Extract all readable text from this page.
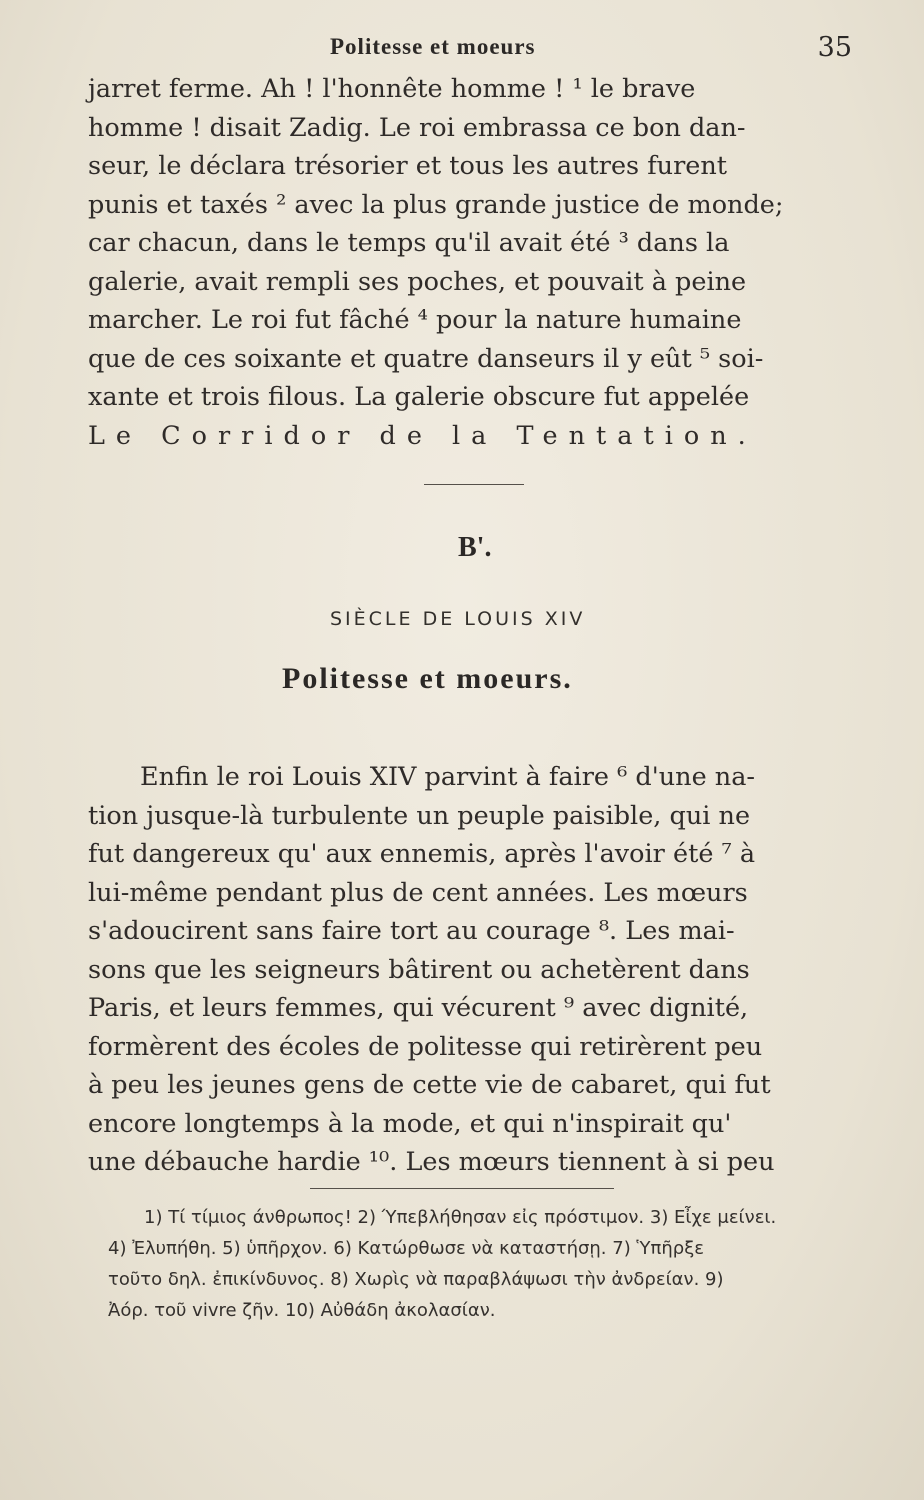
Politesse et moeurs	35
jarret ferme. Ah ! l'honnête homme ! ¹ le brave
homme ! disait Zadig. Le roi embrassa ce bon dan-
seur, le déclara trésorier et tous les autres furent
punis et taxés ² avec la plus grande justice de monde;
car chacun, dans le temps qu'il avait été ³ dans la
galerie, avait rempli ses poches, et pouvait à peine
marcher. Le roi fut fâché ⁴ pour la nature humaine
que de ces soixante et quatre danseurs il y eût ⁵ soi-
xante et trois filous. La galerie obscure fut appelée
Le Corridor de la Tentation.
B'.
SIÈCLE DE LOUIS XIV
Politesse et moeurs.
Enfin le roi Louis XIV parvint à faire ⁶ d'une na-
tion jusque-là turbulente un peuple paisible, qui ne
fut dangereux qu' aux ennemis, après l'avoir été ⁷ à
lui-même pendant plus de cent années. Les mœurs
s'adoucirent sans faire tort au courage ⁸. Les mai-
sons que les seigneurs bâtirent ou achetèrent dans
Paris, et leurs femmes, qui vécurent ⁹ avec dignité,
formèrent des écoles de politesse qui retirèrent peu
à peu les jeunes gens de cette vie de cabaret, qui fut
encore longtemps à la mode, et qui n'inspirait qu'
une débauche hardie ¹⁰. Les mœurs tiennent à si peu
1) Τί τίμιος άνθρωπος! 2) Ύπεβλήθησαν εἰς πρόστιμον. 3) Εἶχε μείνει.
4) Ἐλυπήθη. 5) ὑπῆρχον. 6) Κατώρθωσε νὰ καταστήσῃ. 7) Ὑπῆρξε
τοῦτο δηλ. ἐπικίνδυνος. 8) Χωρὶς νὰ παραβλάψωσι τὴν ἀνδρείαν. 9)
Ἀόρ. τοῦ vivre ζῆν. 10) Αὐθάδη ἀκολασίαν.
